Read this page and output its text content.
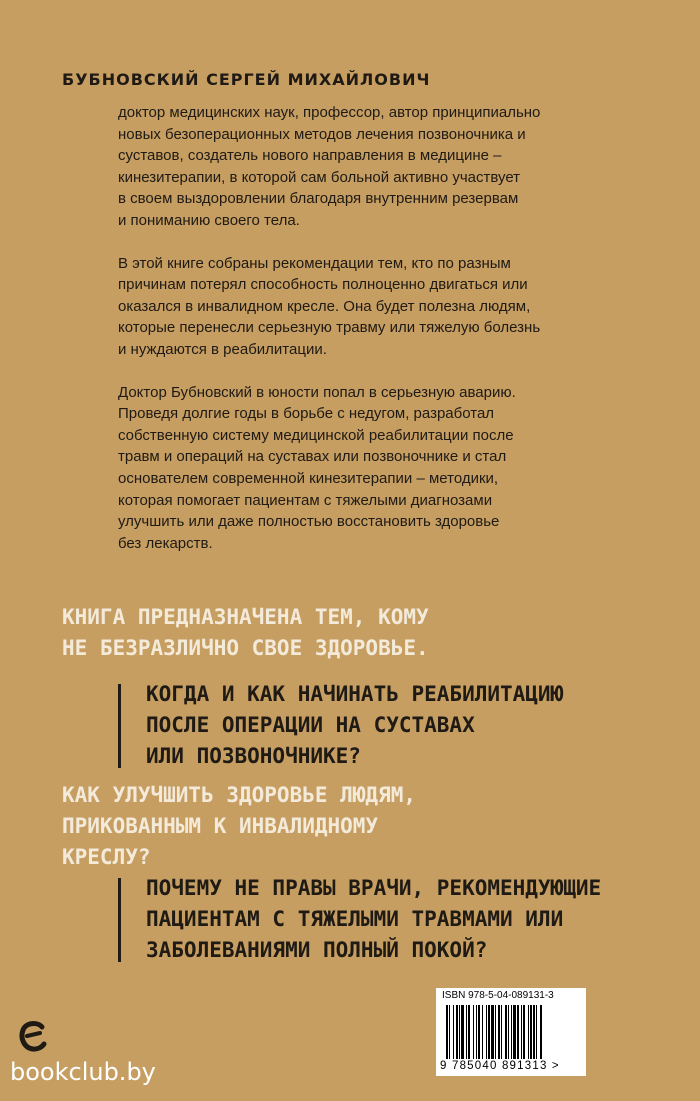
БУБНОВСКИЙ СЕРГЕЙ МИХАЙЛОВИЧ

доктор медицинских наук, профессор, автор принципиально
новых безоперационных методов лечения позвоночника и
суставов, создатель нового направления в медицине –
кинезитерапии, в которой сам больной активно участвует
в своем выздоровлении благодаря внутренним резервам
и пониманию своего тела.

В этой книге собраны рекомендации тем, кто по разным
причинам потерял способность полноценно двигаться или
оказался в инвалидном кресле. Она будет полезна людям,
которые перенесли серьезную травму или тяжелую болезнь
и нуждаются в реабилитации.

Доктор Бубновский в юности попал в серьезную аварию.
Проведя долгие годы в борьбе с недугом, разработал
собственную систему медицинской реабилитации после
травм и операций на суставах или позвоночнике и стал
основателем современной кинезитерапии – методики,
которая помогает пациентам с тяжелыми диагнозами
улучшить или даже полностью восстановить здоровье
без лекарств.

КНИГА ПРЕДНАЗНАЧЕНА ТЕМ, КОМУ
НЕ БЕЗРАЗЛИЧНО СВОЕ ЗДОРОВЬЕ.

КОГДА И КАК НАЧИНАТЬ РЕАБИЛИТАЦИЮ
ПОСЛЕ ОПЕРАЦИИ НА СУСТАВАХ
ИЛИ ПОЗВОНОЧНИКЕ?

КАК УЛУЧШИТЬ ЗДОРОВЬЕ ЛЮДЯМ,
ПРИКОВАННЫМ К ИНВАЛИДНОМУ
КРЕСЛУ?

ПОЧЕМУ НЕ ПРАВЫ ВРАЧИ, РЕКОМЕНДУЮЩИЕ
ПАЦИЕНТАМ С ТЯЖЕЛЫМИ ТРАВМАМИ ИЛИ
ЗАБОЛЕВАНИЯМИ ПОЛНЫЙ ПОКОЙ?

ISBN 978-5-04-089131-3
9 785040 891313 >
bookclub.by
